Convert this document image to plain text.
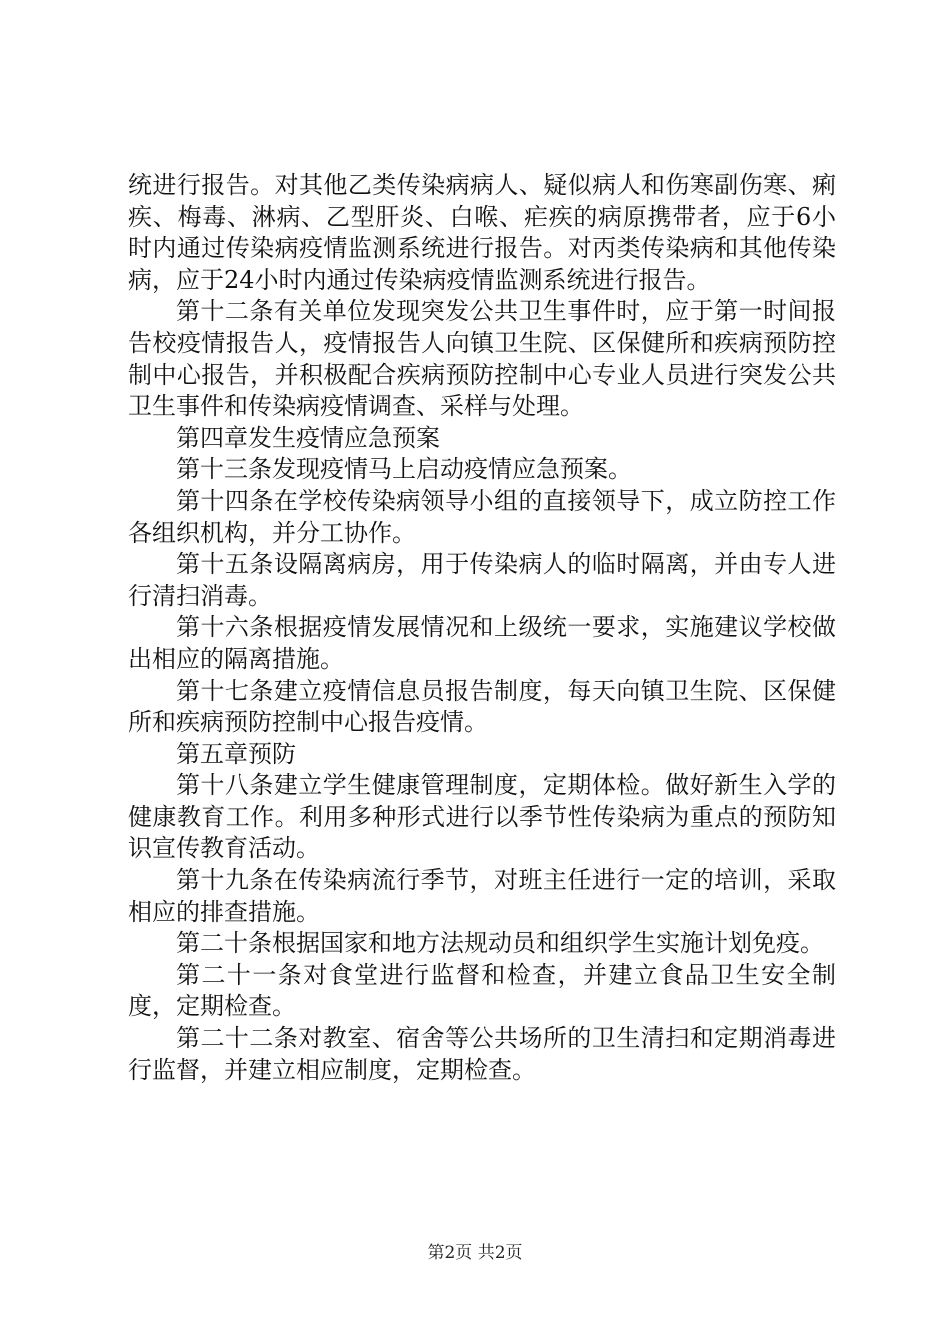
统进行报告。对其他乙类传染病病人、疑似病人和伤寒副伤寒、痢疾、梅毒、淋病、乙型肝炎、白喉、疟疾的病原携带者，应于6小时内通过传染病疫情监测系统进行报告。对丙类传染病和其他传染病，应于24小时内通过传染病疫情监测系统进行报告。

第十二条有关单位发现突发公共卫生事件时，应于第一时间报告校疫情报告人，疫情报告人向镇卫生院、区保健所和疾病预防控制中心报告，并积极配合疾病预防控制中心专业人员进行突发公共卫生事件和传染病疫情调查、采样与处理。

第四章发生疫情应急预案

第十三条发现疫情马上启动疫情应急预案。

第十四条在学校传染病领导小组的直接领导下，成立防控工作各组织机构，并分工协作。

第十五条设隔离病房，用于传染病人的临时隔离，并由专人进行清扫消毒。

第十六条根据疫情发展情况和上级统一要求，实施建议学校做出相应的隔离措施。

第十七条建立疫情信息员报告制度，每天向镇卫生院、区保健所和疾病预防控制中心报告疫情。

第五章预防

第十八条建立学生健康管理制度，定期体检。做好新生入学的健康教育工作。利用多种形式进行以季节性传染病为重点的预防知识宣传教育活动。

第十九条在传染病流行季节，对班主任进行一定的培训，采取相应的排查措施。

第二十条根据国家和地方法规动员和组织学生实施计划免疫。

第二十一条对食堂进行监督和检查，并建立食品卫生安全制度，定期检查。

第二十二条对教室、宿舍等公共场所的卫生清扫和定期消毒进行监督，并建立相应制度，定期检查。

第2页 共2页
